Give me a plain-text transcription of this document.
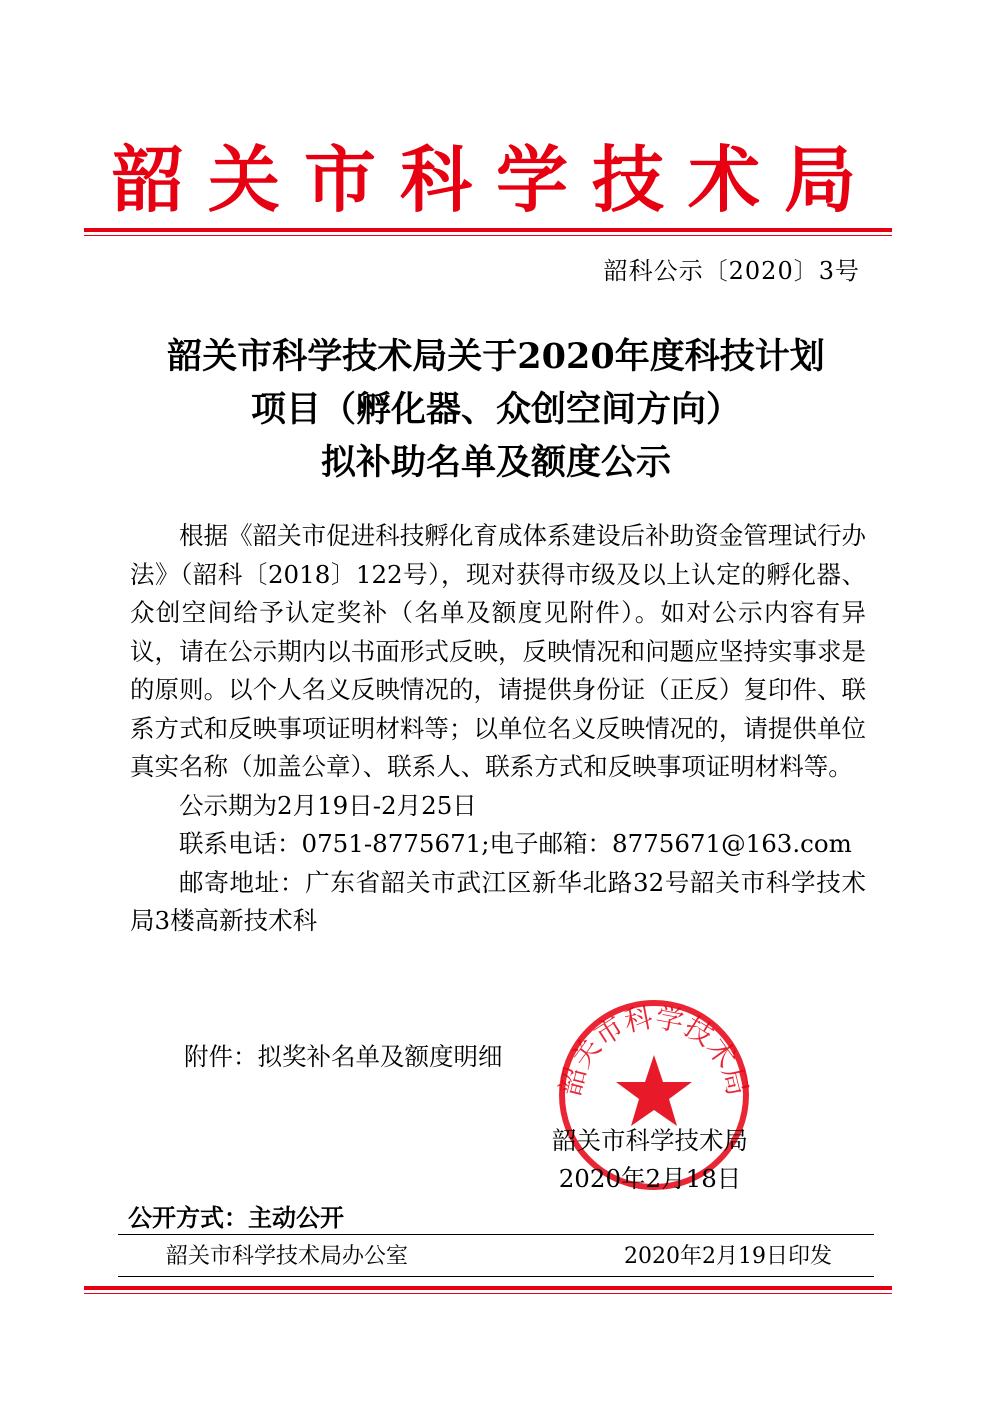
韶关市科学技术局
韶科公示〔2020〕3号
韶关市科学技术局关于2020年度科技计划
项目（孵化器、众创空间方向）
拟补助名单及额度公示

根据《韶关市促进科技孵化育成体系建设后补助资金管理试行办法》（韶科〔2018〕122号），现对获得市级及以上认定的孵化器、众创空间给予认定奖补（名单及额度见附件）。如对公示内容有异议，请在公示期内以书面形式反映，反映情况和问题应坚持实事求是的原则。以个人名义反映情况的，请提供身份证（正反）复印件、联系方式和反映事项证明材料等；以单位名义反映情况的，请提供单位真实名称（加盖公章）、联系人、联系方式和反映事项证明材料等。

公示期为2月19日-2月25日

联系电话：0751-8775671;电子邮箱：8775671@163.com

邮寄地址：广东省韶关市武江区新华北路32号韶关市科学技术局3楼高新技术科

附件：拟奖补名单及额度明细
韶关市科学技术局
韶关市科学技术局
2020年2月18日
公开方式：主动公开
韶关市科学技术局办公室	2020年2月19日印发
